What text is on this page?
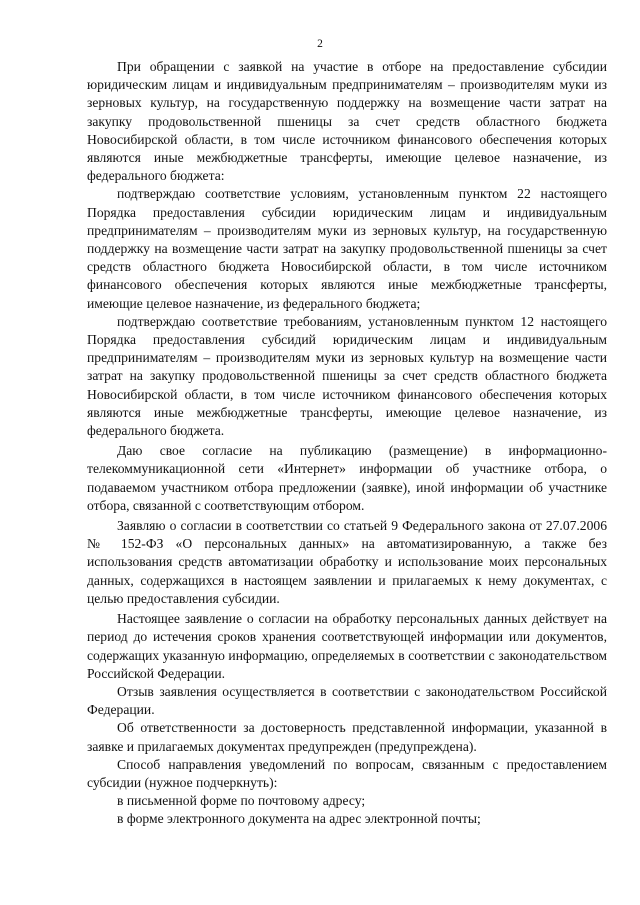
2

При обращении с заявкой на участие в отборе на предоставление субсидии юридическим лицам и индивидуальным предпринимателям – производителям муки из зерновых культур, на государственную поддержку на возмещение части затрат на закупку продовольственной пшеницы за счет средств областного бюджета Новосибирской области, в том числе источником финансового обеспечения которых являются иные межбюджетные трансферты, имеющие целевое назначение, из федерального бюджета:

подтверждаю соответствие условиям, установленным пунктом 22 настоящего Порядка предоставления субсидии юридическим лицам и индивидуальным предпринимателям – производителям муки из зерновых культур, на государственную поддержку на возмещение части затрат на закупку продовольственной пшеницы за счет средств областного бюджета Новосибирской области, в том числе источником финансового обеспечения которых являются иные межбюджетные трансферты, имеющие целевое назначение, из федерального бюджета;

подтверждаю соответствие требованиям, установленным пунктом 12 настоящего Порядка предоставления субсидий юридическим лицам и индивидуальным предпринимателям – производителям муки из зерновых культур на возмещение части затрат на закупку продовольственной пшеницы за счет средств областного бюджета Новосибирской области, в том числе источником финансового обеспечения которых являются иные межбюджетные трансферты, имеющие целевое назначение, из федерального бюджета.

Даю свое согласие на публикацию (размещение) в информационно-телекоммуникационной сети «Интернет» информации об участнике отбора, о подаваемом участником отбора предложении (заявке), иной информации об участнике отбора, связанной с соответствующим отбором.

Заявляю о согласии в соответствии со статьей 9 Федерального закона от 27.07.2006 № 152-ФЗ «О персональных данных» на автоматизированную, а также без использования средств автоматизации обработку и использование моих персональных данных, содержащихся в настоящем заявлении и прилагаемых к нему документах, с целью предоставления субсидии.

Настоящее заявление о согласии на обработку персональных данных действует на период до истечения сроков хранения соответствующей информации или документов, содержащих указанную информацию, определяемых в соответствии с законодательством Российской Федерации.

Отзыв заявления осуществляется в соответствии с законодательством Российской Федерации.

Об ответственности за достоверность представленной информации, указанной в заявке и прилагаемых документах предупрежден (предупреждена).

Способ направления уведомлений по вопросам, связанным с предоставлением субсидии (нужное подчеркнуть):

в письменной форме по почтовому адресу;

в форме электронного документа на адрес электронной почты;
